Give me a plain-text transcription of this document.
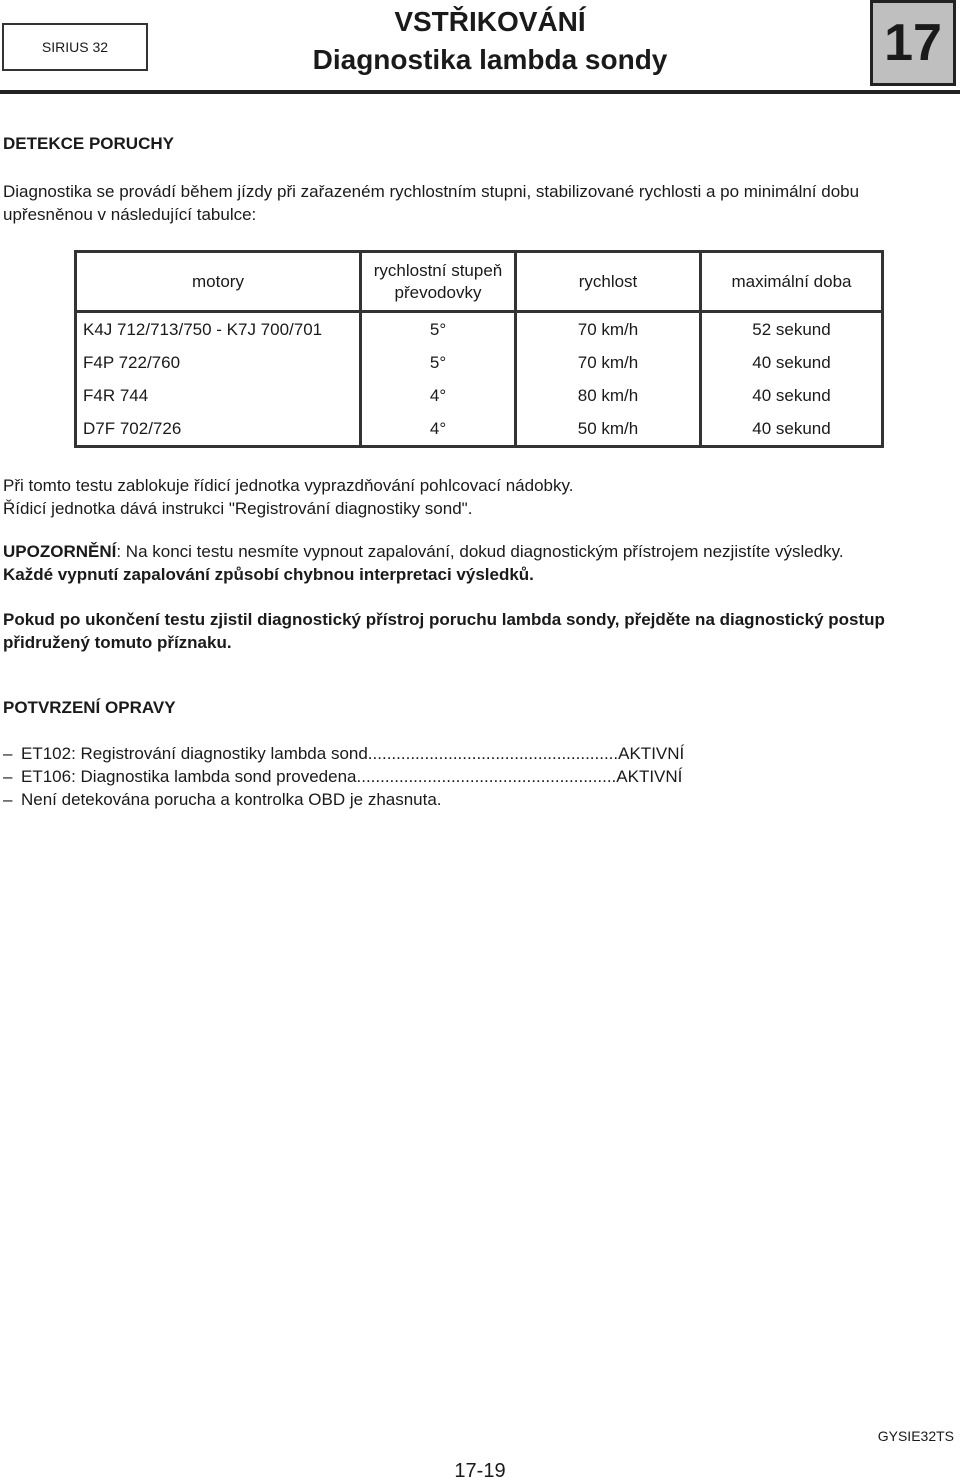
SIRIUS 32
VSTŘIKOVÁNÍ
Diagnostika lambda sondy	17
DETEKCE PORUCHY
Diagnostika se provádí během jízdy při zařazeném rychlostním stupni, stabilizované rychlosti a po minimální dobu upřesněnou v následující tabulce:
motory	rychlostní stupeň převodovky	rychlost	maximální doba
K4J 712/713/750 - K7J 700/701	5°	70 km/h	52 sekund
F4P 722/760	5°	70 km/h	40 sekund
F4R 744	4°	80 km/h	40 sekund
D7F 702/726	4°	50 km/h	40 sekund
Při tomto testu zablokuje řídicí jednotka vyprazdňování pohlcovací nádobky.
Řídicí jednotka dává instrukci "Registrování diagnostiky sond".
UPOZORNĚNÍ: Na konci testu nesmíte vypnout zapalování, dokud diagnostickým přístrojem nezjistíte výsledky.
Každé vypnutí zapalování způsobí chybnou interpretaci výsledků.
Pokud po ukončení testu zjistil diagnostický přístroj poruchu lambda sondy, přejděte na diagnostický postup přidružený tomuto příznaku.
POTVRZENÍ OPRAVY
– ET102: Registrování diagnostiky lambda sond.....................................................AKTIVNÍ
– ET106: Diagnostika lambda sond provedena.......................................................AKTIVNÍ
– Není detekována porucha a kontrolka OBD je zhasnuta.
GYSIE32TS
17-19
